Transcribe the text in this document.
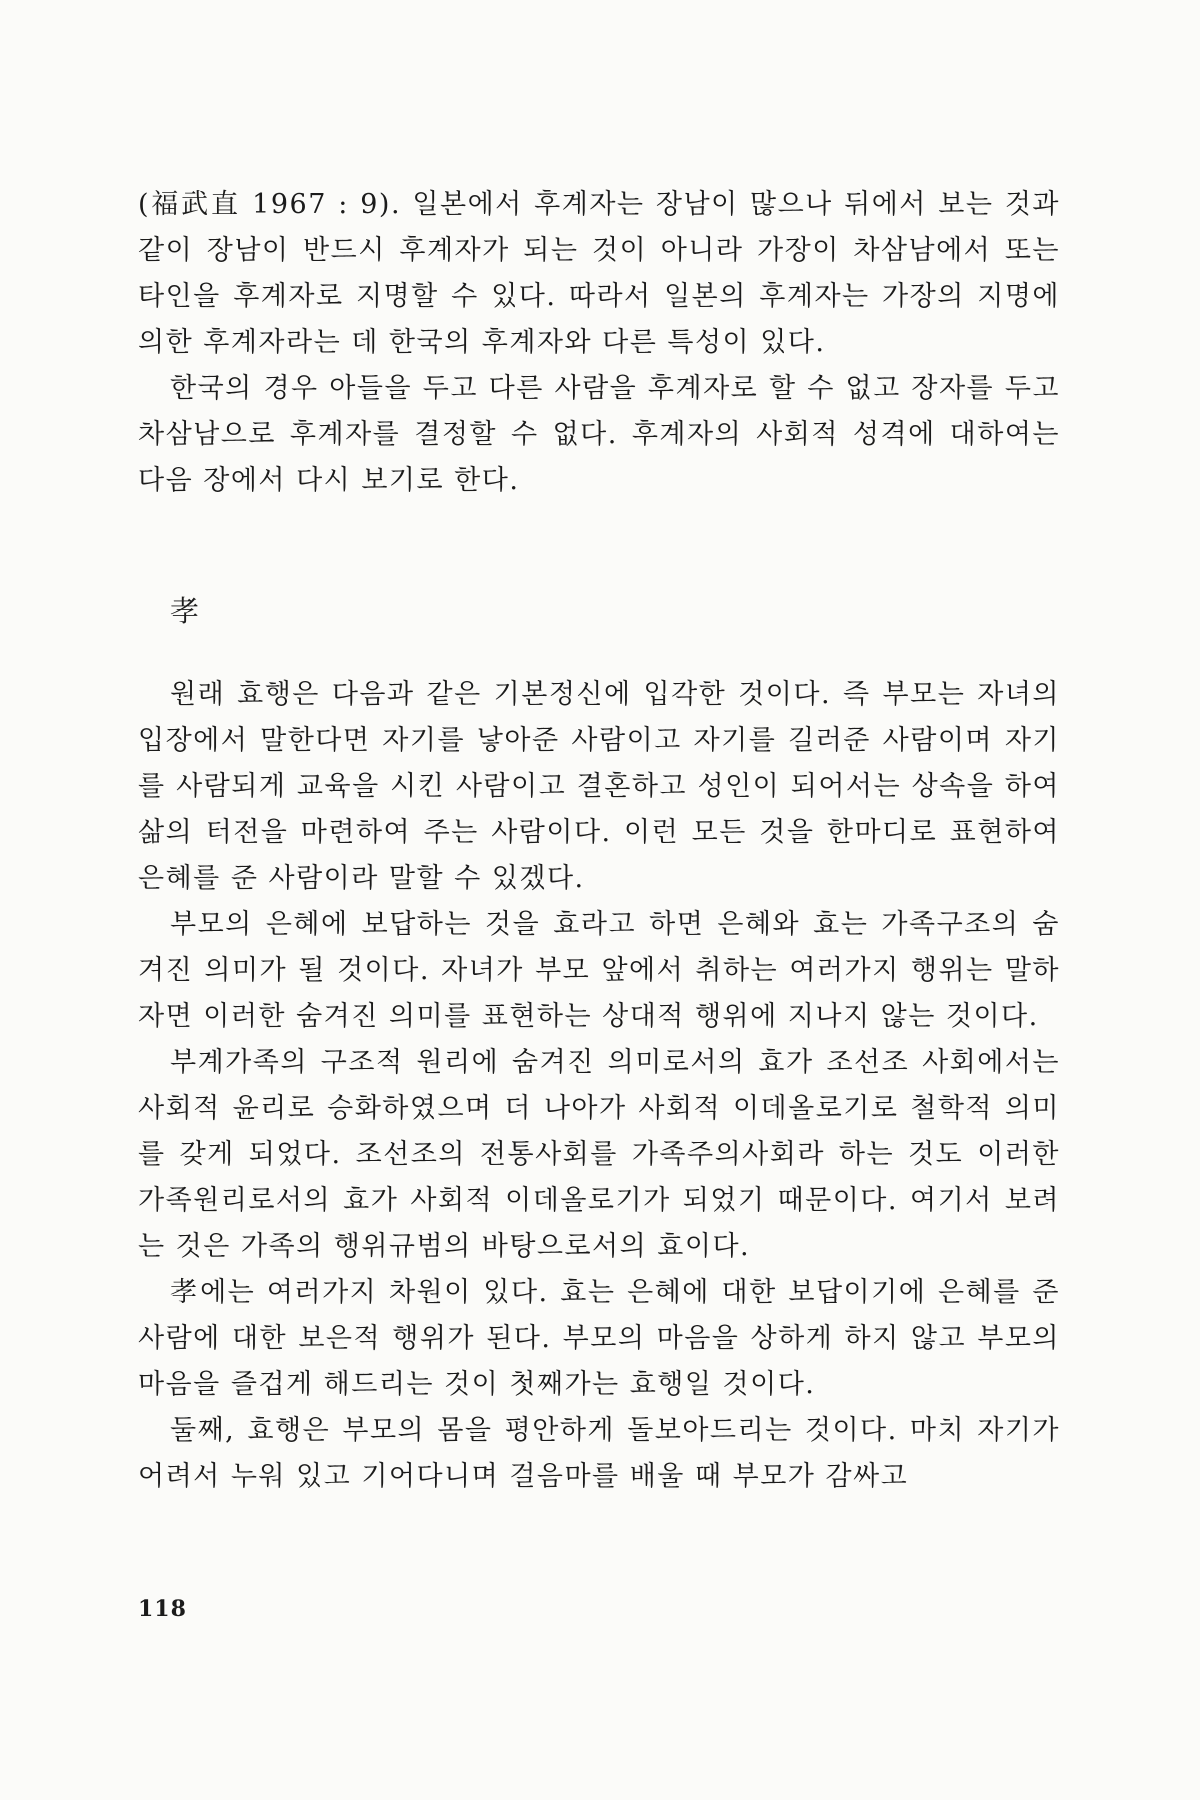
(福武直 1967 : 9). 일본에서 후계자는 장남이 많으나 뒤에서 보는 것과 같이 장남이 반드시 후계자가 되는 것이 아니라 가장이 차삼남에서 또는 타인을 후계자로 지명할 수 있다. 따라서 일본의 후계자는 가장의 지명에 의한 후계자라는 데 한국의 후계자와 다른 특성이 있다.

한국의 경우 아들을 두고 다른 사람을 후계자로 할 수 없고 장자를 두고 차삼남으로 후계자를 결정할 수 없다. 후계자의 사회적 성격에 대하여는 다음 장에서 다시 보기로 한다.

孝

원래 효행은 다음과 같은 기본정신에 입각한 것이다. 즉 부모는 자녀의 입장에서 말한다면 자기를 낳아준 사람이고 자기를 길러준 사람이며 자기를 사람되게 교육을 시킨 사람이고 결혼하고 성인이 되어서는 상속을 하여 삶의 터전을 마련하여 주는 사람이다. 이런 모든 것을 한마디로 표현하여 은혜를 준 사람이라 말할 수 있겠다.

부모의 은혜에 보답하는 것을 효라고 하면 은혜와 효는 가족구조의 숨겨진 의미가 될 것이다. 자녀가 부모 앞에서 취하는 여러가지 행위는 말하자면 이러한 숨겨진 의미를 표현하는 상대적 행위에 지나지 않는 것이다.

부계가족의 구조적 원리에 숨겨진 의미로서의 효가 조선조 사회에서는 사회적 윤리로 승화하였으며 더 나아가 사회적 이데올로기로 철학적 의미를 갖게 되었다. 조선조의 전통사회를 가족주의사회라 하는 것도 이러한 가족원리로서의 효가 사회적 이데올로기가 되었기 때문이다. 여기서 보려는 것은 가족의 행위규범의 바탕으로서의 효이다.

孝에는 여러가지 차원이 있다. 효는 은혜에 대한 보답이기에 은혜를 준 사람에 대한 보은적 행위가 된다. 부모의 마음을 상하게 하지 않고 부모의 마음을 즐겁게 해드리는 것이 첫째가는 효행일 것이다.

둘째, 효행은 부모의 몸을 평안하게 돌보아드리는 것이다. 마치 자기가 어려서 누워 있고 기어다니며 걸음마를 배울 때 부모가 감싸고

118
